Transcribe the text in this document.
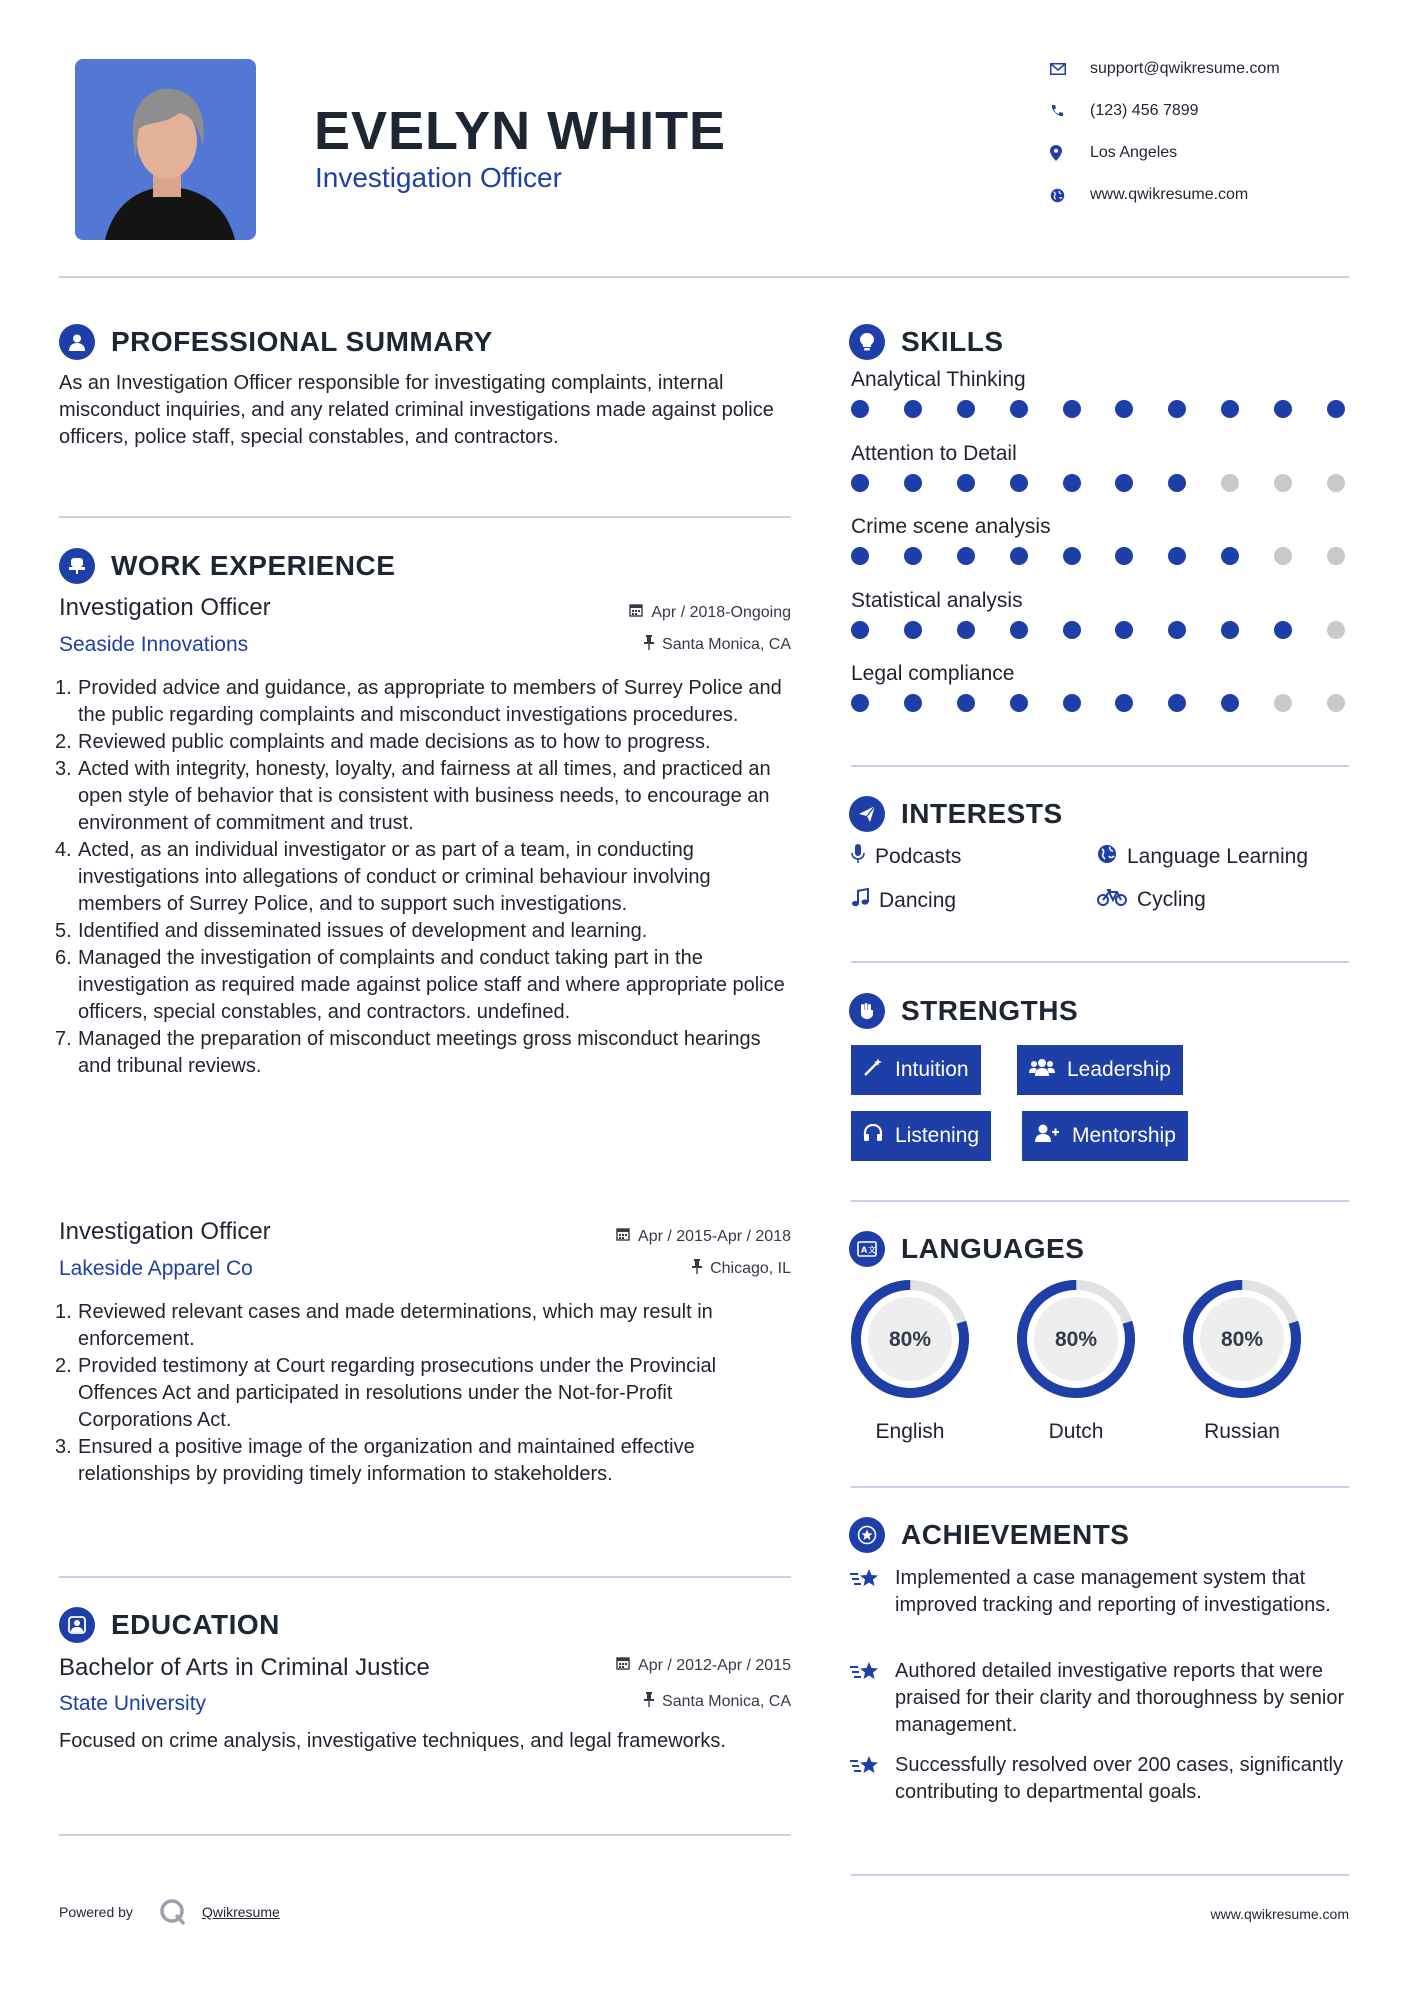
EVELYN WHITE
Investigation Officer
support@qwikresume.com
(123) 456 7899
Los Angeles
www.qwikresume.com
PROFESSIONAL SUMMARY
As an Investigation Officer responsible for investigating complaints, internal misconduct inquiries, and any related criminal investigations made against police officers, police staff, special constables, and contractors.
WORK EXPERIENCE
Investigation Officer	Apr / 2018-Ongoing
Seaside Innovations	Santa Monica, CA
1. Provided advice and guidance, as appropriate to members of Surrey Police and the public regarding complaints and misconduct investigations procedures.
2. Reviewed public complaints and made decisions as to how to progress.
3. Acted with integrity, honesty, loyalty, and fairness at all times, and practiced an open style of behavior that is consistent with business needs, to encourage an environment of commitment and trust.
4. Acted, as an individual investigator or as part of a team, in conducting investigations into allegations of conduct or criminal behaviour involving members of Surrey Police, and to support such investigations.
5. Identified and disseminated issues of development and learning.
6. Managed the investigation of complaints and conduct taking part in the investigation as required made against police staff and where appropriate police officers, special constables, and contractors. undefined.
7. Managed the preparation of misconduct meetings gross misconduct hearings and tribunal reviews.
Investigation Officer	Apr / 2015-Apr / 2018
Lakeside Apparel Co	Chicago, IL
1. Reviewed relevant cases and made determinations, which may result in enforcement.
2. Provided testimony at Court regarding prosecutions under the Provincial Offences Act and participated in resolutions under the Not-for-Profit Corporations Act.
3. Ensured a positive image of the organization and maintained effective relationships by providing timely information to stakeholders.
EDUCATION
Bachelor of Arts in Criminal Justice	Apr / 2012-Apr / 2015
State University	Santa Monica, CA
Focused on crime analysis, investigative techniques, and legal frameworks.
SKILLS
Analytical Thinking
Attention to Detail
Crime scene analysis
Statistical analysis
Legal compliance
INTERESTS
Podcasts	Language Learning
Dancing	Cycling
STRENGTHS
Intuition	Leadership
Listening	Mentorship
A 文 LANGUAGES
80%
English
80%
Dutch
80%
Russian
ACHIEVEMENTS
Implemented a case management system that improved tracking and reporting of investigations.
Authored detailed investigative reports that were praised for their clarity and thoroughness by senior management.
Successfully resolved over 200 cases, significantly contributing to departmental goals.
Powered by	Qwikresume	www.qwikresume.com
